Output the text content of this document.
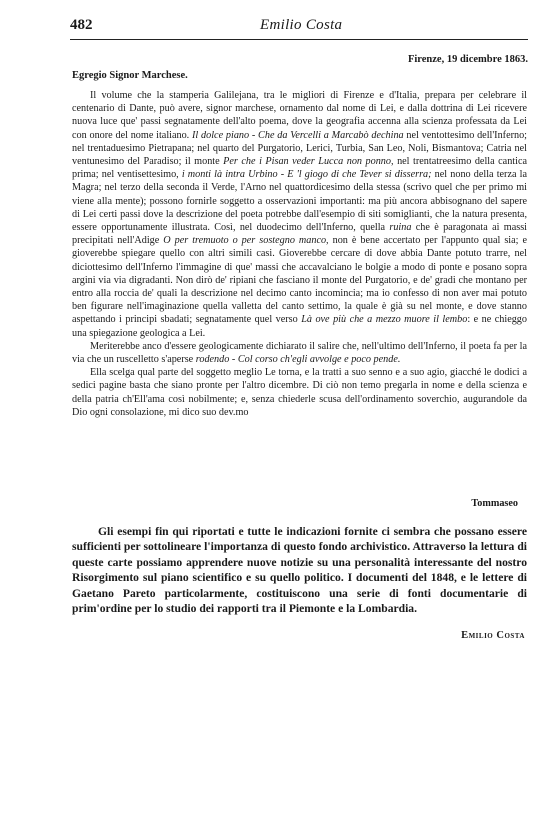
482	Emilio Costa
Firenze, 19 dicembre 1863.
Egregio Signor Marchese.

Il volume che la stamperia Galilejana, tra le migliori di Firenze e d'Italia, prepara per celebrare il centenario di Dante, può avere, signor marchese, ornamento dal nome di Lei, e dalla dottrina di Lei ricevere nuova luce que' passi segnatamente dell'alto poema, dove la geografia accenna alla scienza professata da Lei con onore del nome italiano. Il dolce piano - Che da Vercelli a Marcabò dechina nel ventottesimo dell'Inferno; nel trentaduesimo Pietrapana; nel quarto del Purgatorio, Lerici, Turbia, San Leo, Noli, Bismantova; Catria nel ventunesimo del Paradiso; il monte Per che i Pisan veder Lucca non ponno, nel trentatreesimo della cantica prima; nel ventisettesimo, i monti là intra Urbino - E 'l giogo di che Tever si disserra; nel nono della terza la Magra; nel terzo della seconda il Verde, l'Arno nel quattordicesimo della stessa (scrivo quel che per primo mi viene alla mente); possono fornirle soggetto a osservazioni importanti: ma più ancora abbisognano del sapere di Lei certi passi dove la descrizione del poeta potrebbe dall'esempio di siti somiglianti, che la natura presenta, essere opportunamente illustrata. Così, nel duodecimo dell'Inferno, quella ruina che è paragonata ai massi precipitati nell'Adige O per tremuoto o per sostegno manco, non è bene accertato per l'appunto qual sia; e gioverebbe spiegare quello con altri simili casi. Gioverebbe cercare di dove abbia Dante potuto trarre, nel diciottesimo dell'Inferno l'immagine di que' massi che accavalciano le bolgie a modo di ponte e posano sopra argini via via digradanti. Non dirò de' ripiani che fasciano il monte del Purgatorio, e de' gradi che montano per entro alla roccia de' quali la descrizione nel decimo canto incomincia; ma io confesso di non aver mai potuto ben figurare nell'imaginazione quella valletta del canto settimo, la quale è già su nel monte, e dove stanno aspettando i principi sbadati; segnatamente quel verso Là ove più che a mezzo muore il lembo: e ne chieggo una spiegazione geologica a Lei.

Meriterebbe anco d'essere geologicamente dichiarato il salire che, nell'ultimo dell'Inferno, il poeta fa per la via che un ruscelletto s'aperse rodendo - Col corso ch'egli avvolge e poco pende.

Ella scelga qual parte del soggetto meglio Le torna, e la tratti a suo senno e a suo agio, giacché le dodici a sedici pagine basta che siano pronte per l'altro dicembre. Di ciò non temo pregarla in nome e della scienza e della patria ch'Ell'ama così nobilmente; e, senza chiederle scusa dell'ordinamento soverchio, augurandole da Dio ogni consolazione, mi dico suo dev.mo

Tommaseo

Gli esempi fin qui riportati e tutte le indicazioni fornite ci sembra che possano essere sufficienti per sottolineare l'importanza di questo fondo archivistico. Attraverso la lettura di queste carte possiamo apprendere nuove notizie su una personalità interessante del nostro Risorgimento sul piano scientifico e su quello politico. I documenti del 1848, e le lettere di Gaetano Pareto particolarmente, costituiscono una serie di fonti documentarie di prim'ordine per lo studio dei rapporti tra il Piemonte e la Lombardia.

Emilio Costa
